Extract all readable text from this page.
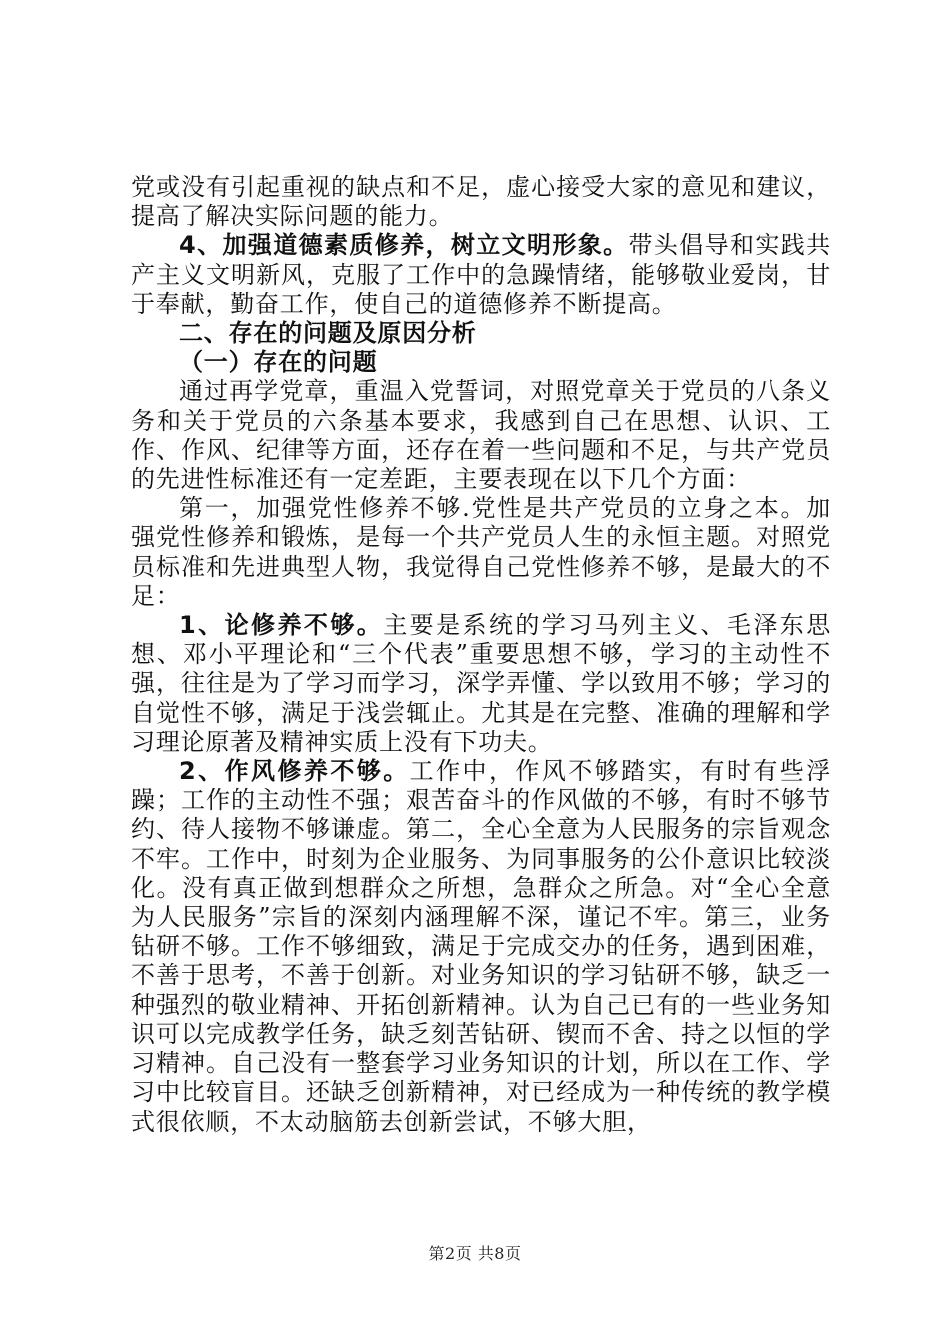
党或没有引起重视的缺点和不足，虚心接受大家的意见和建议，提高了解决实际问题的能力。

4、加强道德素质修养，树立文明形象。带头倡导和实践共产主义文明新风，克服了工作中的急躁情绪，能够敬业爱岗，甘于奉献，勤奋工作，使自己的道德修养不断提高。

二、存在的问题及原因分析

（一）存在的问题

通过再学党章，重温入党誓词，对照党章关于党员的八条义务和关于党员的六条基本要求，我感到自己在思想、认识、工作、作风、纪律等方面，还存在着一些问题和不足，与共产党员的先进性标准还有一定差距，主要表现在以下几个方面：

第一，加强党性修养不够.党性是共产党员的立身之本。加强党性修养和锻炼，是每一个共产党员人生的永恒主题。对照党员标准和先进典型人物，我觉得自己党性修养不够，是最大的不足：

1、论修养不够。主要是系统的学习马列主义、毛泽东思想、邓小平理论和“三个代表”重要思想不够，学习的主动性不强，往往是为了学习而学习，深学弄懂、学以致用不够；学习的自觉性不够，满足于浅尝辄止。尤其是在完整、准确的理解和学习理论原著及精神实质上没有下功夫。

2、作风修养不够。工作中，作风不够踏实，有时有些浮躁；工作的主动性不强；艰苦奋斗的作风做的不够，有时不够节约、待人接物不够谦虚。第二，全心全意为人民服务的宗旨观念不牢。工作中，时刻为企业服务、为同事服务的公仆意识比较淡化。没有真正做到想群众之所想，急群众之所急。对“全心全意为人民服务”宗旨的深刻内涵理解不深，谨记不牢。第三，业务钻研不够。工作不够细致，满足于完成交办的任务，遇到困难，不善于思考，不善于创新。对业务知识的学习钻研不够，缺乏一种强烈的敬业精神、开拓创新精神。认为自己已有的一些业务知识可以完成教学任务，缺乏刻苦钻研、锲而不舍、持之以恒的学习精神。自己没有一整套学习业务知识的计划，所以在工作、学习中比较盲目。还缺乏创新精神，对已经成为一种传统的教学模式很依顺，不太动脑筋去创新尝试，不够大胆，

第2页 共8页
